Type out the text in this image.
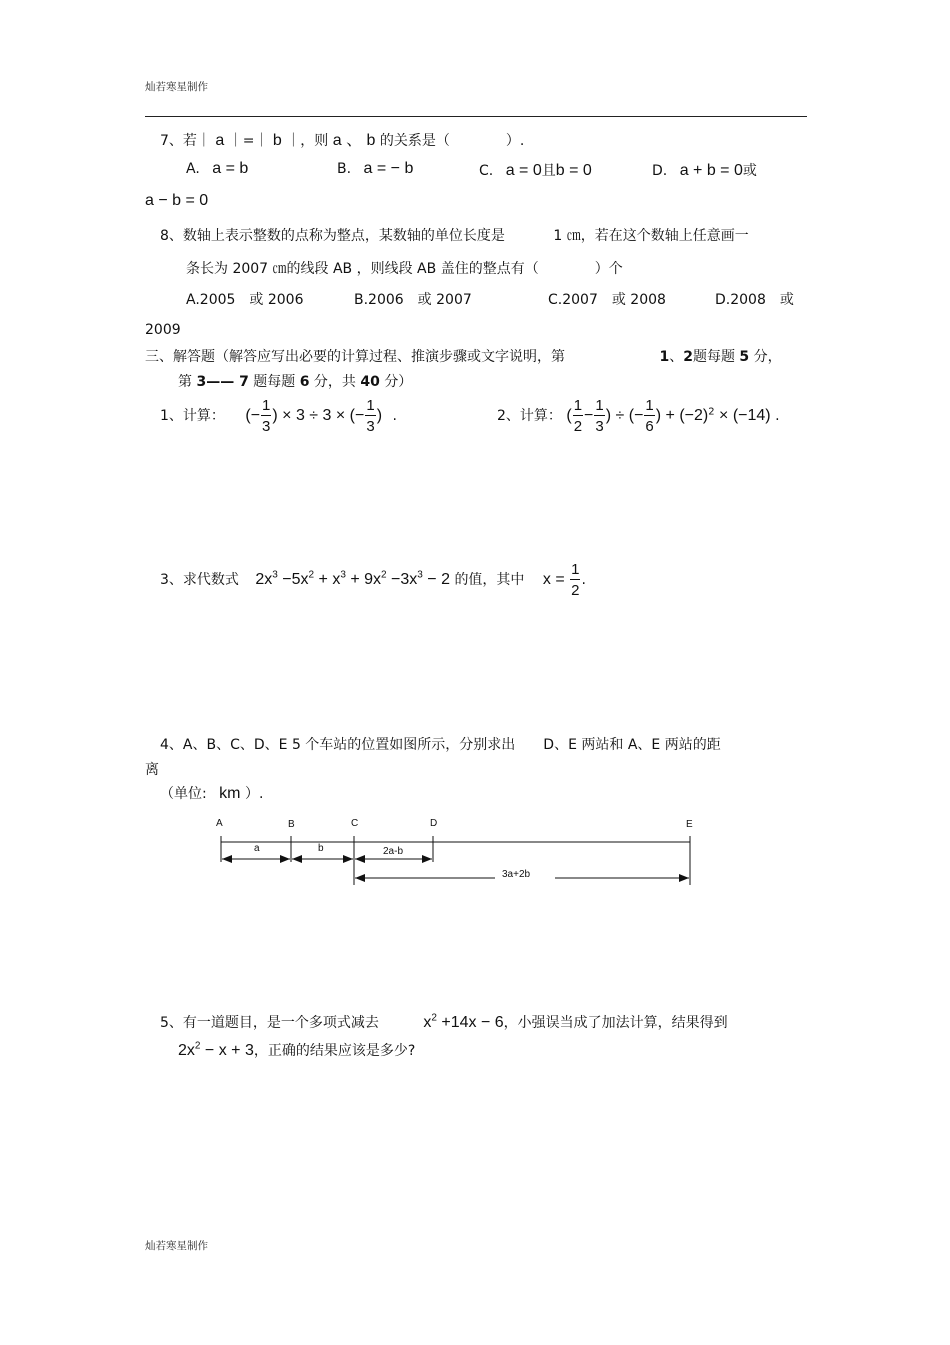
灿若寒星制作
7、若｜ a ｜=｜ b ｜，则 a 、 b 的关系是（　　　　）.
A. a = b	B. a = − b	C. a = 0且b = 0	D. a + b = 0或
a − b = 0
8、数轴上表示整数的点称为整点，某数轴的单位长度是	1 ㎝，若在这个数轴上任意画一
条长为 2007 ㎝的线段 AB ，则线段 AB 盖住的整点有（　　　　）个
A.2005　或 2006	B.2006　或 2007	C.2007　或 2008	D.2008　或
2009
三、解答题（解答应写出必要的计算过程、推演步骤或文字说明，第	1、2题每题 5 分，
第 3—— 7 题每题 6 分，共 40 分）
1、计算： (− $\frac{1}{3}$ ) × 3 ÷ 3 × (− $\frac{1}{3}$ ) .	2、计算： ( $\frac{1}{2} - \frac{1}{3}$ ) ÷ (− $\frac{1}{6}$ ) + $(-2)^2 \times (-14)$ .
3、求代数式 $2x^3 -5x^2 + x^3 + 9x^2 -3x^3 - 2$ 的值，其中 $x = \frac{1}{2}$ .
4、A、B、C、D、E 5 个车站的位置如图所示，分别求出　　D、E 两站和 A、E 两站的距
离
（单位: km ）.
A	B	C	D	E
a	b	2a-b
3a+2b
5、有一道题目，是一个多项式减去	$x^2 +14x - 6$，小强误当成了加法计算，结果得到
$2x^2 - x + 3$，正确的结果应该是多少?
灿若寒星制作
